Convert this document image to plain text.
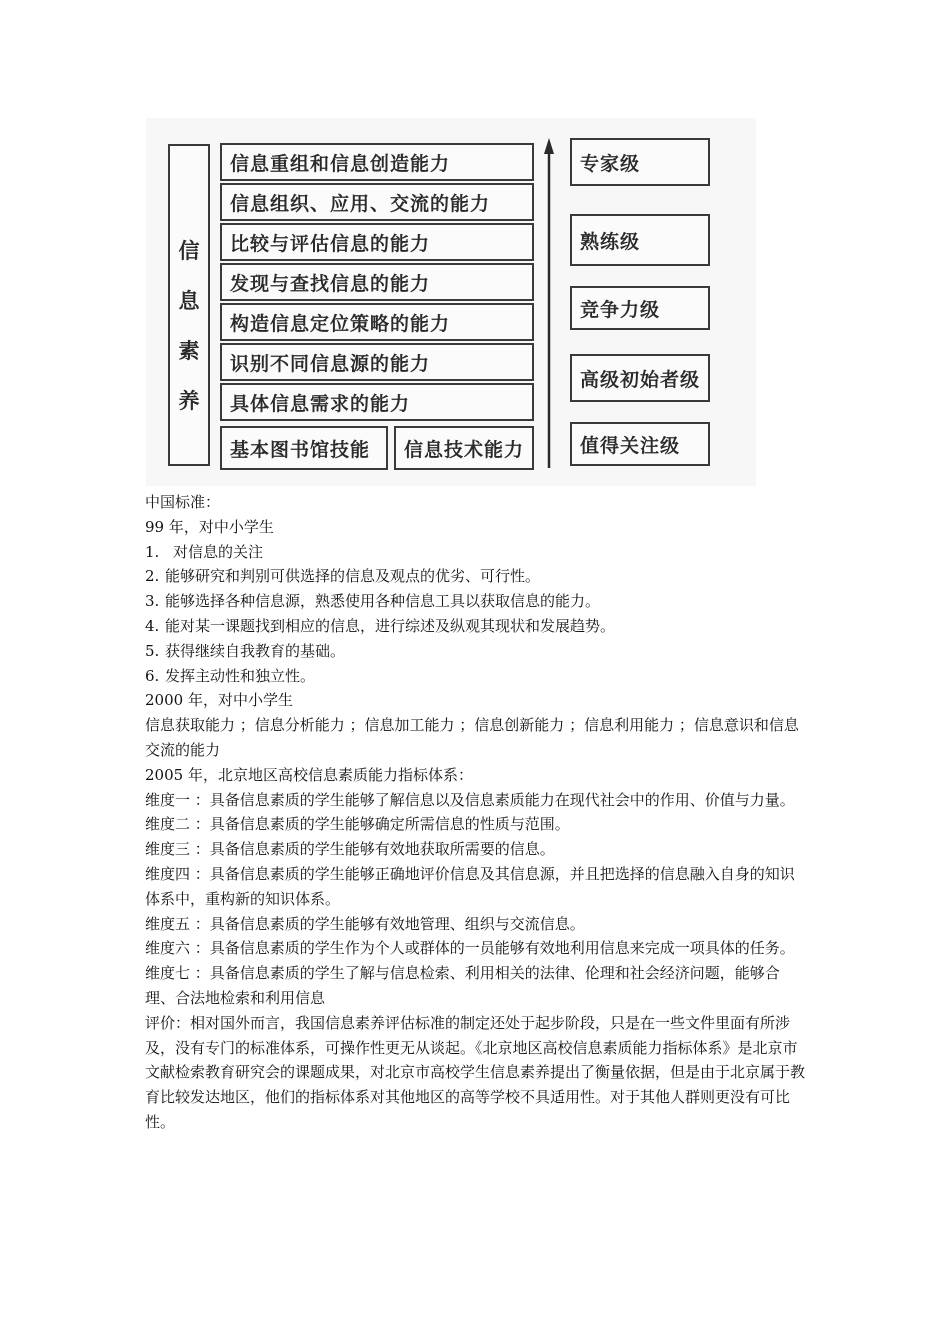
信
息
素
养
信息重组和信息创造能力
信息组织、应用、交流的能力
比较与评估信息的能力
发现与查找信息的能力
构造信息定位策略的能力
识别不同信息源的能力
具体信息需求的能力
基本图书馆技能 信息技术能力
专家级
熟练级
竞争力级
高级初始者级
值得关注级

中国标准：

99 年，对中小学生

1. 对信息的关注
2. 能够研究和判别可供选择的信息及观点的优劣、可行性。
3. 能够选择各种信息源，熟悉使用各种信息工具以获取信息的能力。
4. 能对某一课题找到相应的信息，进行综述及纵观其现状和发展趋势。
5. 获得继续自我教育的基础。
6. 发挥主动性和独立性。

2000 年，对中小学生

信息获取能力 ；信息分析能力 ；信息加工能力 ；信息创新能力 ；信息利用能力 ；信息意识和信息交流的能力

2005 年，北京地区高校信息素质能力指标体系：

维度一 ：具备信息素质的学生能够了解信息以及信息素质能力在现代社会中的作用、价值与力量。

维度二 ：具备信息素质的学生能够确定所需信息的性质与范围。

维度三 ：具备信息素质的学生能够有效地获取所需要的信息。

维度四 ：具备信息素质的学生能够正确地评价信息及其信息源，并且把选择的信息融入自身的知识体系中，重构新的知识体系。

维度五 ：具备信息素质的学生能够有效地管理、组织与交流信息。

维度六 ：具备信息素质的学生作为个人或群体的一员能够有效地利用信息来完成一项具体的任务。

维度七 ：具备信息素质的学生了解与信息检索、利用相关的法律、伦理和社会经济问题，能够合理、合法地检索和利用信息

评价：相对国外而言，我国信息素养评估标准的制定还处于起步阶段，只是在一些文件里面有所涉及，没有专门的标准体系，可操作性更无从谈起。《北京地区高校信息素质能力指标体系》是北京市文献检索教育研究会的课题成果，对北京市高校学生信息素养提出了衡量依据，但是由于北京属于教育比较发达地区，他们的指标体系对其他地区的高等学校不具适用性。对于其他人群则更没有可比性。
